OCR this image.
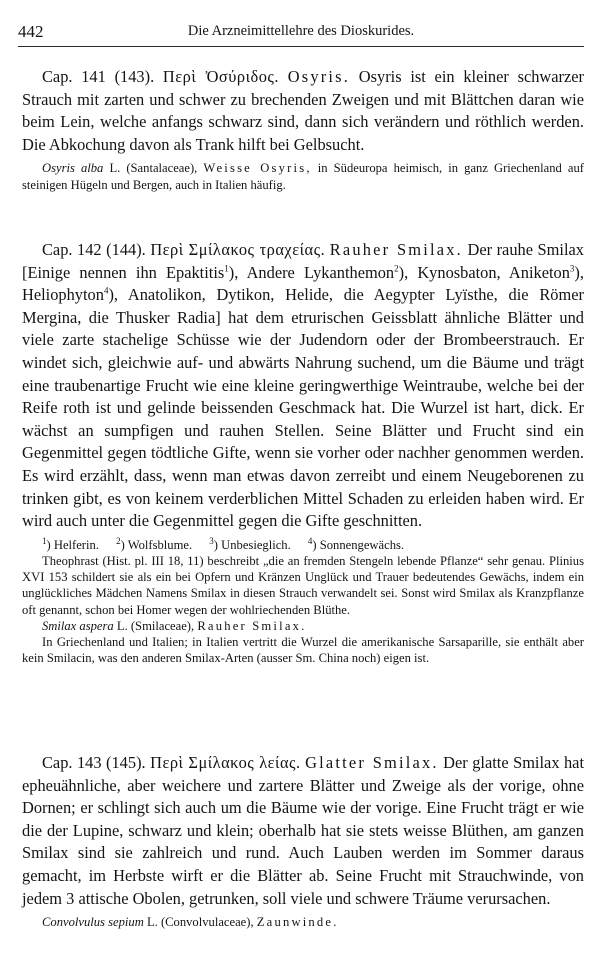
442	Die Arzneimittellehre des Dioskurides.

Cap. 141 (143). Περὶ Ὀσύριδος. Osyris. Osyris ist ein kleiner schwarzer Strauch mit zarten und schwer zu brechenden Zweigen und mit Blättchen daran wie beim Lein, welche anfangs schwarz sind, dann sich verändern und röthlich werden. Die Abkochung davon als Trank hilft bei Gelbsucht.

Osyris alba L. (Santalaceae), Weisse Osyris, in Südeuropa heimisch, in ganz Griechenland auf steinigen Hügeln und Bergen, auch in Italien häufig.

Cap. 142 (144). Περὶ Σμίλακος τραχείας. Rauher Smilax. Der rauhe Smilax [Einige nennen ihn Epaktitis$^1$), Andere Lykanthemon$^2$), Kynosbaton, Aniketon$^3$), Heliophyton$^4$), Anatolikon, Dytikon, Helide, die Aegypter Lyïsthe, die Römer Mergina, die Thusker Radia] hat dem etrurischen Geissblatt ähnliche Blätter und viele zarte stachelige Schüsse wie der Judendorn oder der Brombeerstrauch. Er windet sich, gleichwie auf- und abwärts Nahrung suchend, um die Bäume und trägt eine traubenartige Frucht wie eine kleine geringwerthige Weintraube, welche bei der Reife roth ist und gelinde beissenden Geschmack hat. Die Wurzel ist hart, dick. Er wächst an sumpfigen und rauhen Stellen. Seine Blätter und Frucht sind ein Gegenmittel gegen tödtliche Gifte, wenn sie vorher oder nachher genommen werden. Es wird erzählt, dass, wenn man etwas davon zerreibt und einem Neugeborenen zu trinken gibt, es von keinem verderblichen Mittel Schaden zu erleiden haben wird. Er wird auch unter die Gegenmittel gegen die Gifte geschnitten.

$^1$) Helferin. $^2$) Wolfsblume. $^3$) Unbesieglich. $^4$) Sonnengewächs.
Theophrast (Hist. pl. III 18, 11) beschreibt „die an fremden Stengeln lebende Pflanze“ sehr genau. Plinius XVI 153 schildert sie als ein bei Opfern und Kränzen Unglück und Trauer bedeutendes Gewächs, indem ein unglückliches Mädchen Namens Smilax in diesen Strauch verwandelt sei. Sonst wird Smilax als Kranzpflanze oft genannt, schon bei Homer wegen der wohlriechenden Blüthe.
Smilax aspera L. (Smilaceae), Rauher Smilax.
In Griechenland und Italien; in Italien vertritt die Wurzel die amerikanische Sarsaparille, sie enthält aber kein Smilacin, was den anderen Smilax-Arten (ausser Sm. China noch) eigen ist.

Cap. 143 (145). Περὶ Σμίλακος λείας. Glatter Smilax. Der glatte Smilax hat epheuähnliche, aber weichere und zartere Blätter und Zweige als der vorige, ohne Dornen; er schlingt sich auch um die Bäume wie der vorige. Eine Frucht trägt er wie die der Lupine, schwarz und klein; oberhalb hat sie stets weisse Blüthen, am ganzen Smilax sind sie zahlreich und rund. Auch Lauben werden im Sommer daraus gemacht, im Herbste wirft er die Blätter ab. Seine Frucht mit Strauchwinde, von jedem 3 attische Obolen, getrunken, soll viele und schwere Träume verursachen.

Convolvulus sepium L. (Convolvulaceae), Zaunwinde.
